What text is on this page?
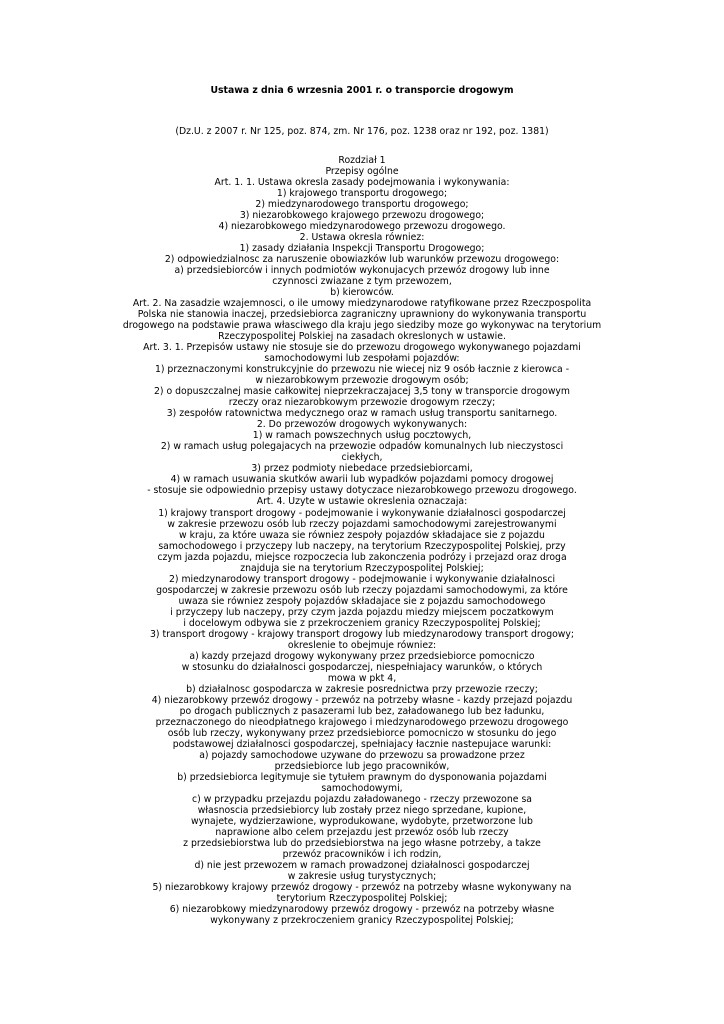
Ustawa z dnia 6 wrzesnia 2001 r. o transporcie drogowym
(Dz.U. z 2007 r. Nr 125, poz. 874, zm. Nr 176, poz. 1238 oraz nr 192, poz. 1381)
Rozdział 1
Przepisy ogólne
Art. 1. 1. Ustawa okresla zasady podejmowania i wykonywania:
1) krajowego transportu drogowego;
2) miedzynarodowego transportu drogowego;
3) niezarobkowego krajowego przewozu drogowego;
4) niezarobkowego miedzynarodowego przewozu drogowego.
2. Ustawa okresla równiez:
1) zasady działania Inspekcji Transportu Drogowego;
2) odpowiedzialnosc za naruszenie obowiazków lub warunków przewozu drogowego:
a) przedsiebiorców i innych podmiotów wykonujacych przewóz drogowy lub inne
czynnosci zwiazane z tym przewozem,
b) kierowców.
Art. 2. Na zasadzie wzajemnosci, o ile umowy miedzynarodowe ratyfikowane przez Rzeczpospolita
Polska nie stanowia inaczej, przedsiebiorca zagraniczny uprawniony do wykonywania transportu
drogowego na podstawie prawa własciwego dla kraju jego siedziby moze go wykonywac na terytorium
Rzeczypospolitej Polskiej na zasadach okreslonych w ustawie.
Art. 3. 1. Przepisów ustawy nie stosuje sie do przewozu drogowego wykonywanego pojazdami
samochodowymi lub zespołami pojazdów:
1) przeznaczonymi konstrukcyjnie do przewozu nie wiecej niz 9 osób łacznie z kierowca -
w niezarobkowym przewozie drogowym osób;
2) o dopuszczalnej masie całkowitej nieprzekraczajacej 3,5 tony w transporcie drogowym
rzeczy oraz niezarobkowym przewozie drogowym rzeczy;
3) zespołów ratownictwa medycznego oraz w ramach usług transportu sanitarnego.
2. Do przewozów drogowych wykonywanych:
1) w ramach powszechnych usług pocztowych,
2) w ramach usług polegajacych na przewozie odpadów komunalnych lub nieczystosci
ciekłych,
3) przez podmioty niebedace przedsiebiorcami,
4) w ramach usuwania skutków awarii lub wypadków pojazdami pomocy drogowej
- stosuje sie odpowiednio przepisy ustawy dotyczace niezarobkowego przewozu drogowego.
Art. 4. Uzyte w ustawie okreslenia oznaczaja:
1) krajowy transport drogowy - podejmowanie i wykonywanie działalnosci gospodarczej
w zakresie przewozu osób lub rzeczy pojazdami samochodowymi zarejestrowanymi
w kraju, za które uwaza sie równiez zespoły pojazdów składajace sie z pojazdu
samochodowego i przyczepy lub naczepy, na terytorium Rzeczypospolitej Polskiej, przy
czym jazda pojazdu, miejsce rozpoczecia lub zakonczenia podrózy i przejazd oraz droga
znajduja sie na terytorium Rzeczypospolitej Polskiej;
2) miedzynarodowy transport drogowy - podejmowanie i wykonywanie działalnosci
gospodarczej w zakresie przewozu osób lub rzeczy pojazdami samochodowymi, za które
uwaza sie równiez zespoły pojazdów składajace sie z pojazdu samochodowego
i przyczepy lub naczepy, przy czym jazda pojazdu miedzy miejscem poczatkowym
i docelowym odbywa sie z przekroczeniem granicy Rzeczypospolitej Polskiej;
3) transport drogowy - krajowy transport drogowy lub miedzynarodowy transport drogowy;
okreslenie to obejmuje równiez:
a) kazdy przejazd drogowy wykonywany przez przedsiebiorce pomocniczo
w stosunku do działalnosci gospodarczej, niespełniajacy warunków, o których
mowa w pkt 4,
b) działalnosc gospodarcza w zakresie posrednictwa przy przewozie rzeczy;
4) niezarobkowy przewóz drogowy - przewóz na potrzeby własne - kazdy przejazd pojazdu
po drogach publicznych z pasazerami lub bez, załadowanego lub bez ładunku,
przeznaczonego do nieodpłatnego krajowego i miedzynarodowego przewozu drogowego
osób lub rzeczy, wykonywany przez przedsiebiorce pomocniczo w stosunku do jego
podstawowej działalnosci gospodarczej, spełniajacy łacznie nastepujace warunki:
a) pojazdy samochodowe uzywane do przewozu sa prowadzone przez
przedsiebiorce lub jego pracowników,
b) przedsiebiorca legitymuje sie tytułem prawnym do dysponowania pojazdami
samochodowymi,
c) w przypadku przejazdu pojazdu załadowanego - rzeczy przewozone sa
własnoscia przedsiebiorcy lub zostały przez niego sprzedane, kupione,
wynajete, wydzierzawione, wyprodukowane, wydobyte, przetworzone lub
naprawione albo celem przejazdu jest przewóz osób lub rzeczy
z przedsiebiorstwa lub do przedsiebiorstwa na jego własne potrzeby, a takze
przewóz pracowników i ich rodzin,
d) nie jest przewozem w ramach prowadzonej działalnosci gospodarczej
w zakresie usług turystycznych;
5) niezarobkowy krajowy przewóz drogowy - przewóz na potrzeby własne wykonywany na
terytorium Rzeczypospolitej Polskiej;
6) niezarobkowy miedzynarodowy przewóz drogowy - przewóz na potrzeby własne
wykonywany z przekroczeniem granicy Rzeczypospolitej Polskiej;
